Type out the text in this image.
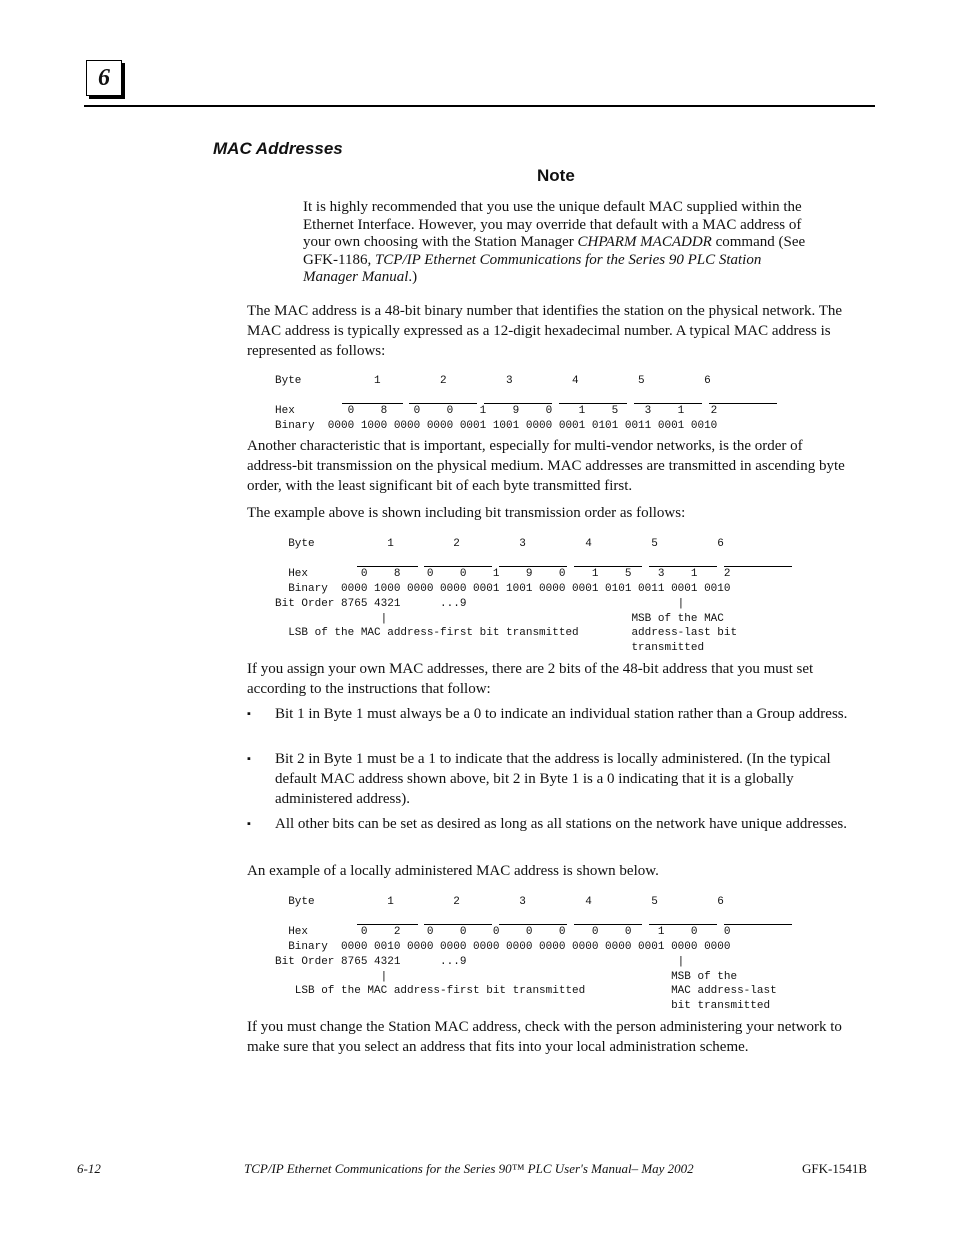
6
MAC Addresses
Note

It is highly recommended that you use the unique default MAC supplied within the Ethernet Interface. However, you may override that default with a MAC address of your own choosing with the Station Manager CHPARM MACADDR command (See GFK-1186, TCP/IP Ethernet Communications for the Series 90 PLC Station Manager Manual.)

The MAC address is a 48-bit binary number that identifies the station on the physical network. The MAC address is typically expressed as a 12-digit hexadecimal number. A typical MAC address is represented as follows:

Byte           1         2         3         4         5         6

Hex        0    8    0    0    1    9    0    1    5    3    1    2
Binary  0000 1000 0000 0000 0001 1001 0000 0001 0101 0011 0001 0010

Another characteristic that is important, especially for multi-vendor networks, is the order of address-bit transmission on the physical medium. MAC addresses are transmitted in ascending byte order, with the least significant bit of each byte transmitted first.

The example above is shown including bit transmission order as follows:

Byte           1         2         3         4         5         6

Hex        0    8    0    0    1    9    0    1    5    3    1    2
Binary  0000 1000 0000 0000 0001 1001 0000 0001 0101 0011 0001 0010
Bit Order 8765 4321      ...9                                |
|                                     MSB of the MAC
LSB of the MAC address-first bit transmitted        address-last bit
transmitted

If you assign your own MAC addresses, there are 2 bits of the 48-bit address that you must set according to the instructions that follow:

▪ Bit 1 in Byte 1 must always be a 0 to indicate an individual station rather than a Group address.

▪ Bit 2 in Byte 1 must be a 1 to indicate that the address is locally administered. (In the typical default MAC address shown above, bit 2 in Byte 1 is a 0 indicating that it is a globally administered address).

▪ All other bits can be set as desired as long as all stations on the network have unique addresses.

An example of a locally administered MAC address is shown below.

Byte           1         2         3         4         5         6

Hex        0    2    0    0    0    0    0    0    0    1    0    0
Binary  0000 0010 0000 0000 0000 0000 0000 0000 0000 0001 0000 0000
Bit Order 8765 4321      ...9                                |
|                                           MSB of the
LSB of the MAC address-first bit transmitted             MAC address-last
bit transmitted

If you must change the Station MAC address, check with the person administering your network to make sure that you select an address that fits into your local administration scheme.

6-12	TCP/IP Ethernet Communications for the Series 90™ PLC User's Manual– May 2002	GFK-1541B
